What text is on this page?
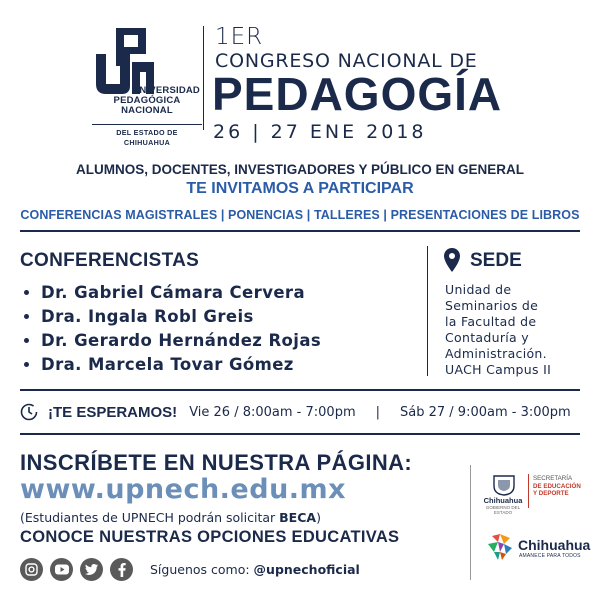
UNIVERSIDAD
PEDAGÓGICA
NACIONAL
DEL ESTADO DE CHIHUAHUA
1ER
CONGRESO NACIONAL DE
PEDAGOGÍA
26 | 27 ENE 2018
ALUMNOS, DOCENTES, INVESTIGADORES Y PÚBLICO EN GENERAL
TE INVITAMOS A PARTICIPAR
CONFERENCIAS MAGISTRALES | PONENCIAS | TALLERES | PRESENTACIONES DE LIBROS
CONFERENCISTAS
Dr. Gabriel Cámara Cervera
Dra. Ingala Robl Greis
Dr. Gerardo Hernández Rojas
Dra. Marcela Tovar Gómez
SEDE
Unidad de
Seminarios de
la Facultad de
Contaduría y
Administración.
UACH Campus II
¡TE ESPERAMOS! Vie 26 / 8:00am - 7:00pm | Sáb 27 / 9:00am - 3:00pm
INSCRÍBETE EN NUESTRA PÁGINA:
www.upnech.edu.mx
(Estudiantes de UPNECH podrán solicitar BECA)
CONOCE NUESTRAS OPCIONES EDUCATIVAS
Síguenos como: @upnechoficial
Chihuahua
GOBIERNO DEL ESTADO
SECRETARÍA
DE EDUCACIÓN
Y DEPORTE
Chihuahua
AMANECE PARA TODOS
